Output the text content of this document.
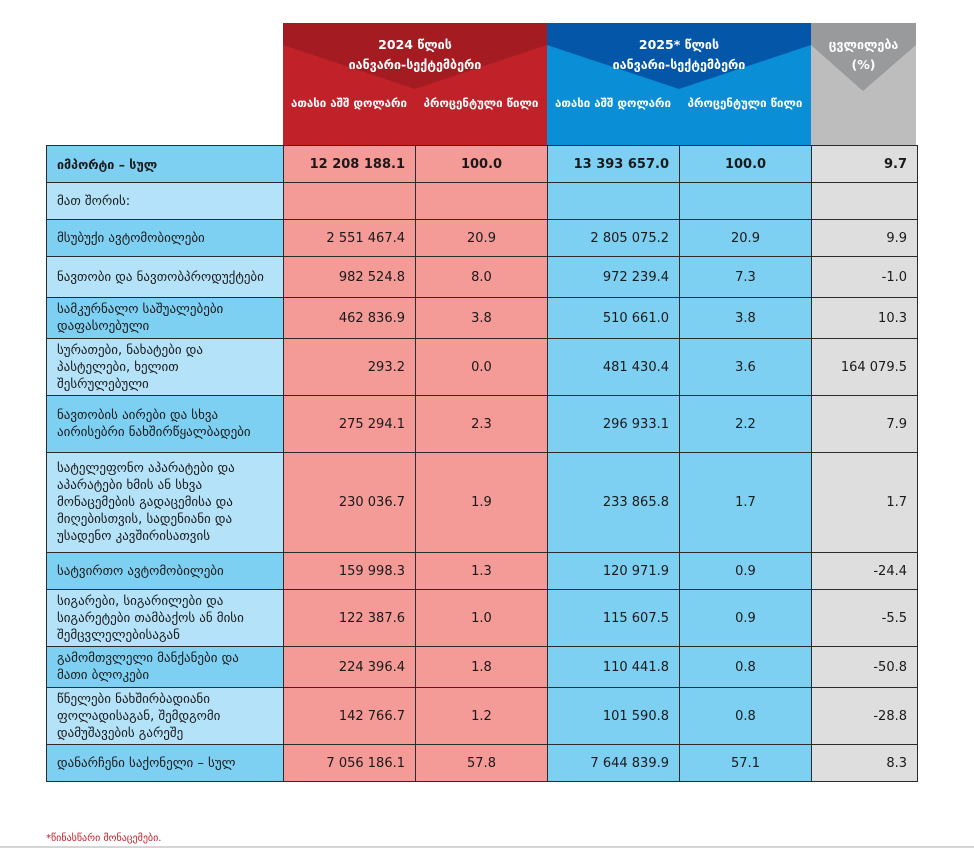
2024 წლის
იანვარი-სექტემბერი
ათასი აშშ დოლარი	პროცენტული წილი
2025* წლის
იანვარი-სექტემბერი
ათასი აშშ დოლარი	პროცენტული წილი
ცვლილება
(%)
იმპორტი – სულ	12 208 188.1	100.0	13 393 657.0	100.0	9.7
მათ შორის:					
მსუბუქი ავტომობილები	2 551 467.4	20.9	2 805 075.2	20.9	9.9
ნავთობი და ნავთობპროდუქტები	982 524.8	8.0	972 239.4	7.3	-1.0
სამკურნალო საშუალებები დაფასოებული	462 836.9	3.8	510 661.0	3.8	10.3
სურათები, ნახატები და პასტელები, ხელით შესრულებული	293.2	0.0	481 430.4	3.6	164 079.5
ნავთობის აირები და სხვა აირისებრი ნახშირწყალბადები	275 294.1	2.3	296 933.1	2.2	7.9
სატელეფონო აპარატები და აპარატები ხმის ან სხვა მონაცემების გადაცემისა და მიღებისთვის, სადენიანი და უსადენო კავშირისათვის	230 036.7	1.9	233 865.8	1.7	1.7
სატვირთო ავტომობილები	159 998.3	1.3	120 971.9	0.9	-24.4
სიგარები, სიგარილები და სიგარეტები თამბაქოს ან მისი შემცვლელებისაგან	122 387.6	1.0	115 607.5	0.9	-5.5
გამომთვლელი მანქანები და მათი ბლოკები	224 396.4	1.8	110 441.8	0.8	-50.8
წნელები ნახშირბადიანი ფოლადისაგან, შემდგომი დამუშავების გარეშე	142 766.7	1.2	101 590.8	0.8	-28.8
დანარჩენი საქონელი – სულ	7 056 186.1	57.8	7 644 839.9	57.1	8.3
*წინასწარი მონაცემები.
